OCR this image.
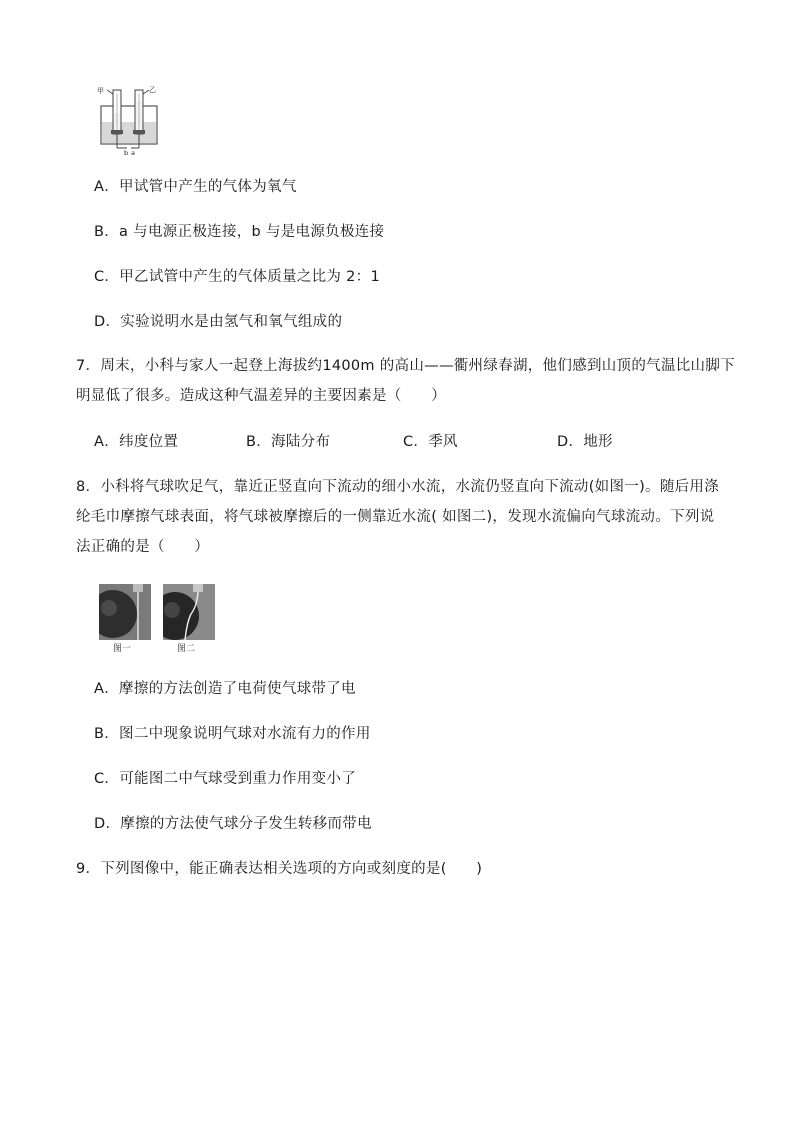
甲	乙
b a
A．甲试管中产生的气体为氧气
B．a 与电源正极连接，b 与是电源负极连接
C．甲乙试管中产生的气体质量之比为 2：1
D．实验说明水是由氢气和氧气组成的
7．周末，小科与家人一起登上海拔约1400m 的高山——衢州绿春湖，他们感到山顶的气温比山脚下
明显低了很多。造成这种气温差异的主要因素是（　　）
A．纬度位置	B．海陆分布	C．季风	D．地形
8．小科将气球吹足气，靠近正竖直向下流动的细小水流，水流仍竖直向下流动(如图一)。随后用涤
纶毛巾摩擦气球表面，将气球被摩擦后的一侧靠近水流( 如图二)，发现水流偏向气球流动。下列说
法正确的是（　　）
图一	图二
A．摩擦的方法创造了电荷使气球带了电
B．图二中现象说明气球对水流有力的作用
C．可能图二中气球受到重力作用变小了
D．摩擦的方法使气球分子发生转移而带电
9．下列图像中，能正确表达相关选项的方向或刻度的是(　　)
